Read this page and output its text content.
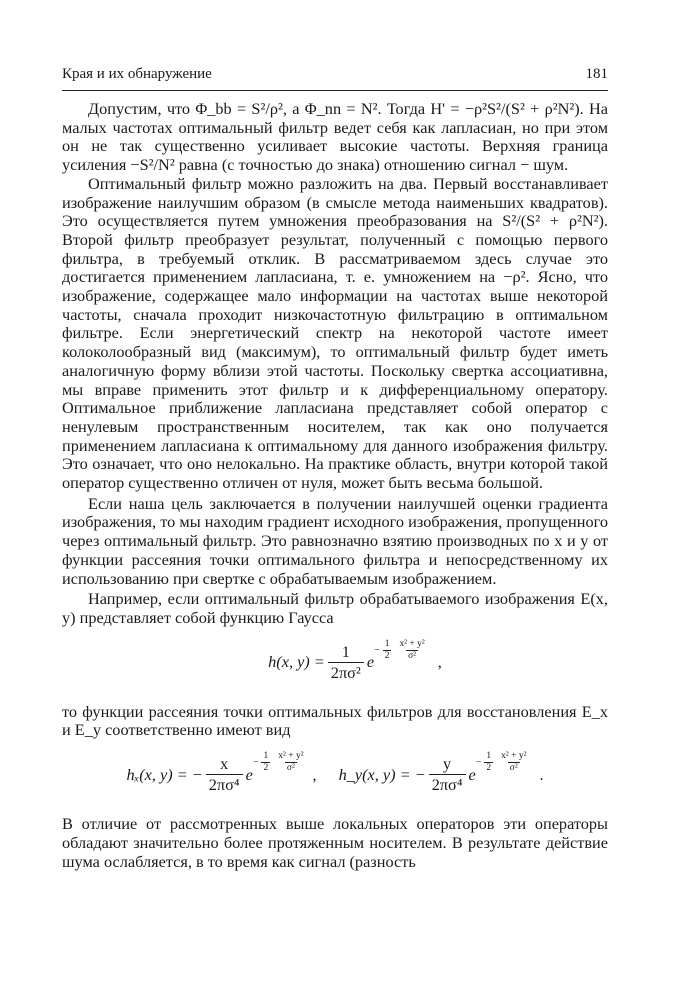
Края и их обнаружение	181

Допустим, что Φ_bb = S²/ρ², а Φ_nn = N². Тогда H' = −ρ²S²/(S² + ρ²N²). На малых частотах оптимальный фильтр ведет себя как лапласиан, но при этом он не так существенно усиливает высокие частоты. Верхняя граница усиления −S²/N² равна (с точностью до знака) отношению сигнал − шум.

Оптимальный фильтр можно разложить на два. Первый восстанавливает изображение наилучшим образом (в смысле метода наименьших квадратов). Это осуществляется путем умножения преобразования на S²/(S² + ρ²N²). Второй фильтр преобразует результат, полученный с помощью первого фильтра, в требуемый отклик. В рассматриваемом здесь случае это достигается применением лапласиана, т. е. умножением на −ρ². Ясно, что изображение, содержащее мало информации на частотах выше некоторой частоты, сначала проходит низкочастотную фильтрацию в оптимальном фильтре. Если энергетический спектр на некоторой частоте имеет колоколообразный вид (максимум), то оптимальный фильтр будет иметь аналогичную форму вблизи этой частоты. Поскольку свертка ассоциативна, мы вправе применить этот фильтр и к дифференциальному оператору. Оптимальное приближение лапласиана представляет собой оператор с ненулевым пространственным носителем, так как оно получается применением лапласиана к оптимальному для данного изображения фильтру. Это означает, что оно нелокально. На практике область, внутри которой такой оператор существенно отличен от нуля, может быть весьма большой.

Если наша цель заключается в получении наилучшей оценки градиента изображения, то мы находим градиент исходного изображения, пропущенного через оптимальный фильтр. Это равнозначно взятию производных по x и y от функции рассеяния точки оптимального фильтра и непосредственному их использованию при свертке с обрабатываемым изображением.

Например, если оптимальный фильтр обрабатываемого изображения E(x, y) представляет собой функцию Гаусса

h(x, $y) = \frac{1}{\text{2πσ²}}$ e
− $\frac{1}{2} \frac{\text{x² + y²}}{\text{σ²}}$ ,

то функции рассеяния точки оптимальных фильтров для восстановления E_x и E_y соответственно имеют вид

hₓ(x, y) = − $\frac{x}{\text{2πσ⁴}}$ e
− $\frac{1}{2} \frac{\text{x² + y²}}{\text{σ²}}$ , h_y(x, y) = − $\frac{y}{\text{2πσ⁴}}$ e
− $\frac{1}{2} \frac{\text{x² + y²}}{\text{σ²}}$ .

В отличие от рассмотренных выше локальных операторов эти операторы обладают значительно более протяженным носителем. В результате действие шума ослабляется, в то время как сигнал (разность
